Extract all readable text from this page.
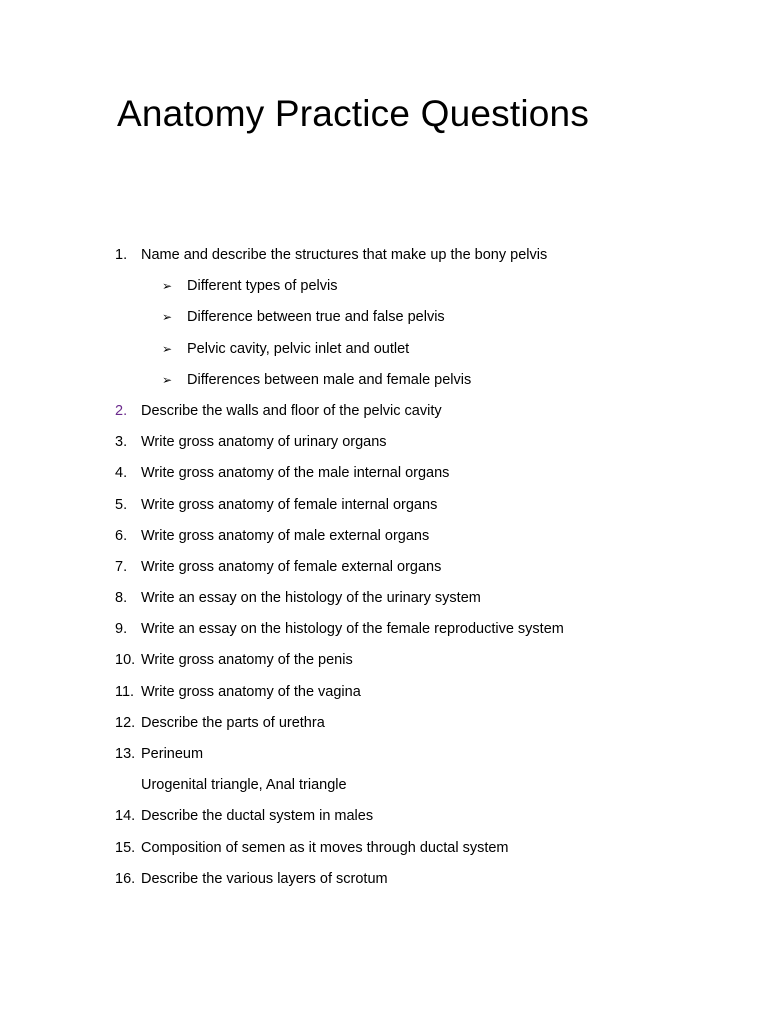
Anatomy Practice Questions
1. Name and describe the structures that make up the bony pelvis
➢ Different types of pelvis
➢ Difference between true and false pelvis
➢ Pelvic cavity, pelvic inlet and outlet
➢ Differences between male and female pelvis
2. Describe the walls and floor of the pelvic cavity
3. Write gross anatomy of urinary organs
4. Write gross anatomy of the male internal organs
5. Write gross anatomy of female internal organs
6. Write gross anatomy of male external organs
7. Write gross anatomy of female external organs
8. Write an essay on the histology of the urinary system
9. Write an essay on the histology of the female reproductive system
10. Write gross anatomy of the penis
11. Write gross anatomy of the vagina
12. Describe the parts of urethra
13. Perineum
Urogenital triangle, Anal triangle
14. Describe the ductal system in males
15. Composition of semen as it moves through ductal system
16. Describe the various layers of scrotum
